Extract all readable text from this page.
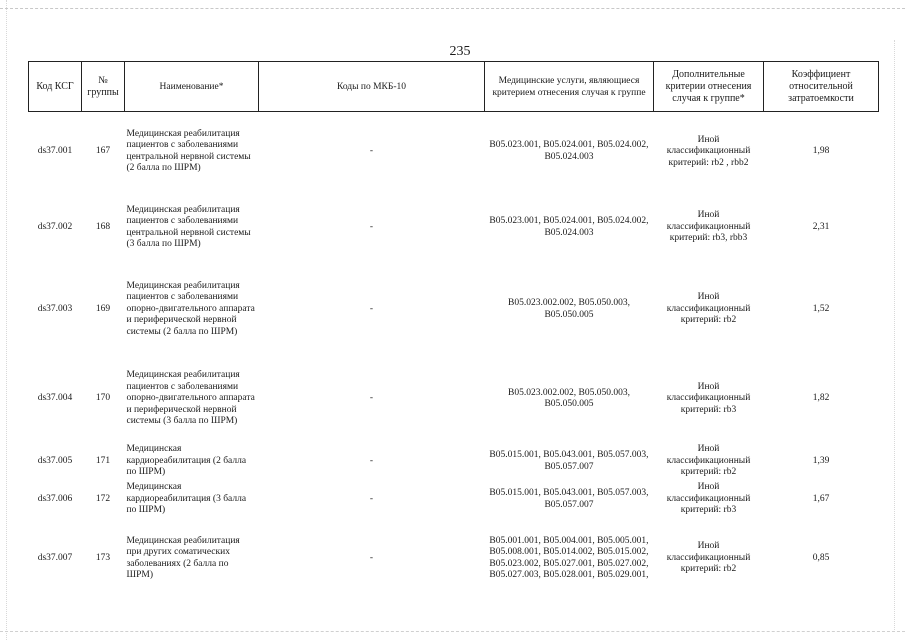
235
Код КСГ	№ группы	Наименование*	Коды по МКБ-10	Медицинские услуги, являющиеся критерием отнесения случая к группе	Дополнительные критерии отнесения случая к группе*	Коэффициент относительной затратоемкости
ds37.001	167	Медицинская реабилитация пациентов с заболеваниями центральной нервной системы (2 балла по ШРМ)	-	B05.023.001, B05.024.001, B05.024.002, B05.024.003	Иной классификационный критерий: rb2 , rbb2	1,98
ds37.002	168	Медицинская реабилитация пациентов с заболеваниями центральной нервной системы (3 балла по ШРМ)	-	B05.023.001, B05.024.001, B05.024.002, B05.024.003	Иной классификационный критерий: rb3, rbb3	2,31
ds37.003	169	Медицинская реабилитация пациентов с заболеваниями опорно-двигательного аппарата и периферической нервной системы (2 балла по ШРМ)	-	B05.023.002.002, B05.050.003, B05.050.005	Иной классификационный критерий: rb2	1,52
ds37.004	170	Медицинская реабилитация пациентов с заболеваниями опорно-двигательного аппарата и периферической нервной системы (3 балла по ШРМ)	-	B05.023.002.002, B05.050.003, B05.050.005	Иной классификационный критерий: rb3	1,82
ds37.005	171	Медицинская кардиореабилитация (2 балла по ШРМ)	-	B05.015.001, B05.043.001, B05.057.003, B05.057.007	Иной классификационный критерий: rb2	1,39
ds37.006	172	Медицинская кардиореабилитация (3 балла по ШРМ)	-	B05.015.001, B05.043.001, B05.057.003, B05.057.007	Иной классификационный критерий: rb3	1,67
ds37.007	173	Медицинская реабилитация при других соматических заболеваниях (2 балла по ШРМ)	-	B05.001.001, B05.004.001, B05.005.001, B05.008.001, B05.014.002, B05.015.002, B05.023.002, B05.027.001, B05.027.002, B05.027.003, B05.028.001, B05.029.001,	Иной классификационный критерий: rb2	0,85
